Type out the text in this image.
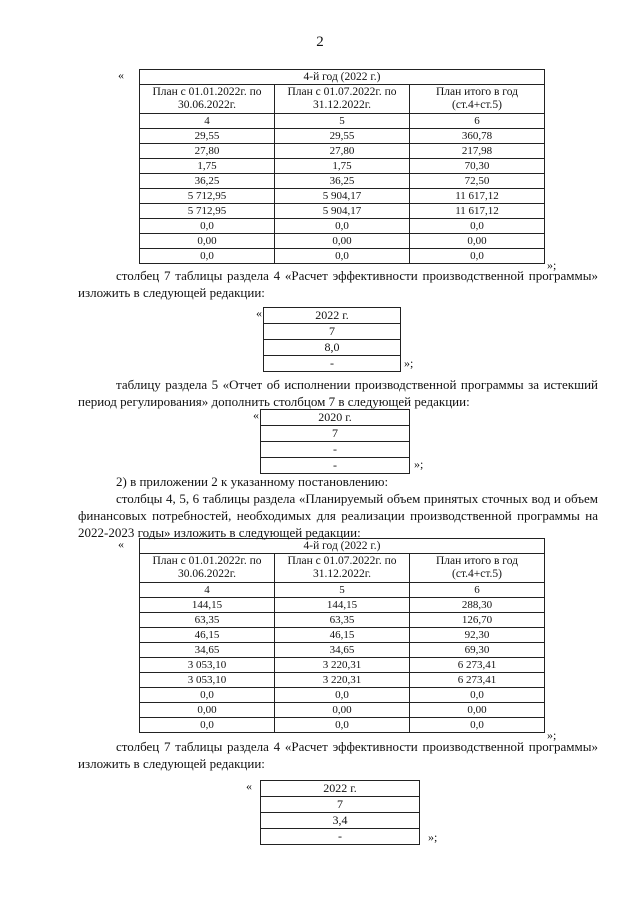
2
«	4-й год (2022 г.)		
План с 01.01.2022г. по 30.06.2022г.	План с 01.07.2022г. по 31.12.2022г.	План итого в год (ст.4+ст.5)
4	5	6
29,55	29,55	360,78
27,80	27,80	217,98
1,75	1,75	70,30
36,25	36,25	72,50
5 712,95	5 904,17	11 617,12
5 712,95	5 904,17	11 617,12
0,0	0,0	0,0
0,00	0,00	0,00
0,0	0,0	0,0
»;
столбец 7 таблицы раздела 4 «Расчет эффективности производственной программы» изложить в следующей редакции:
«	2022 г.
7
8,0
-	»;
таблицу раздела 5 «Отчет об исполнении производственной программы за истекший период регулирования» дополнить столбцом 7 в следующей редакции:
«	2020 г.
7
-
-	»;
2) в приложении 2 к указанному постановлению:
столбцы 4, 5, 6 таблицы раздела «Планируемый объем принятых сточных вод и объем финансовых потребностей, необходимых для реализации производственной программы на 2022-2023 годы» изложить в следующей редакции:
«	4-й год (2022 г.)		
План с 01.01.2022г. по 30.06.2022г.	План с 01.07.2022г. по 31.12.2022г.	План итого в год (ст.4+ст.5)
4	5	6
144,15	144,15	288,30
63,35	63,35	126,70
46,15	46,15	92,30
34,65	34,65	69,30
3 053,10	3 220,31	6 273,41
3 053,10	3 220,31	6 273,41
0,0	0,0	0,0
0,00	0,00	0,00
0,0	0,0	0,0
»;
столбец 7 таблицы раздела 4 «Расчет эффективности производственной программы» изложить в следующей редакции:
«	2022 г.
7
3,4
-	»;
